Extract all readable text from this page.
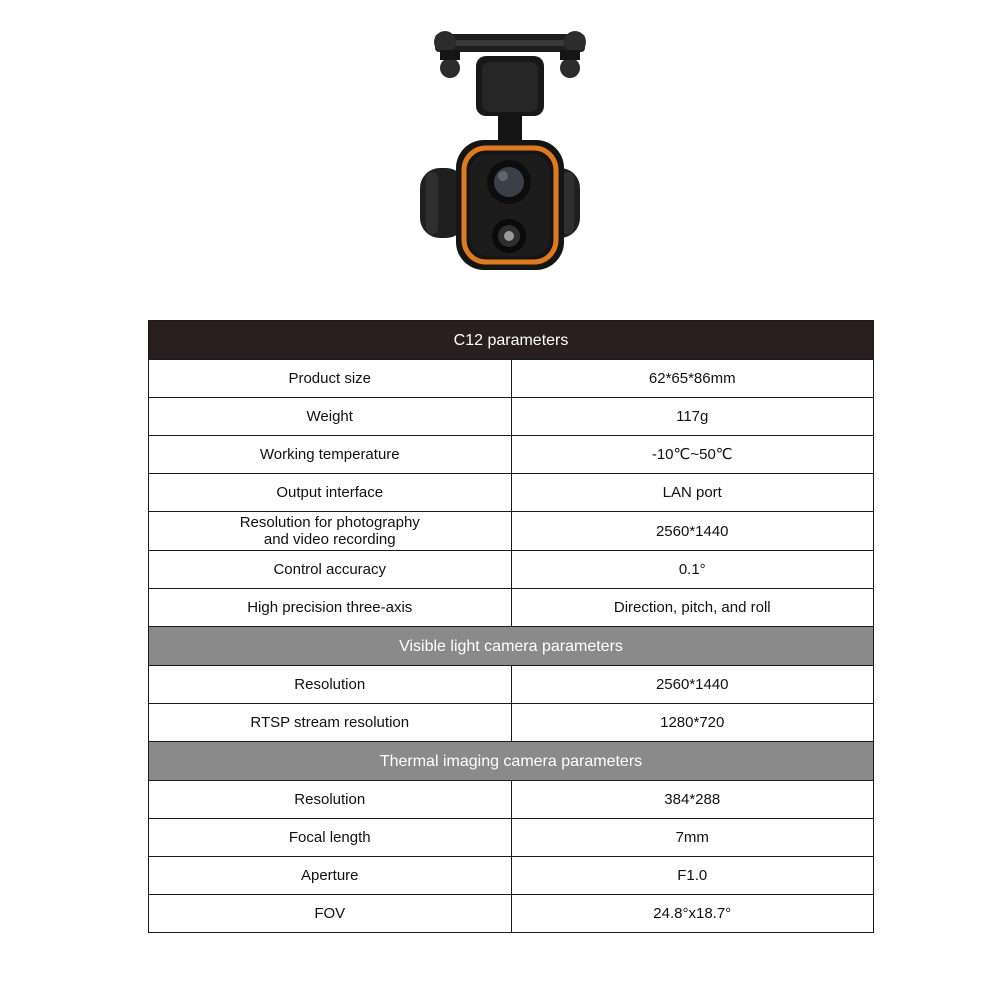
C12 parameters	
Product size	62*65*86mm
Weight	117g
Working temperature	-10℃~50℃
Output interface	LAN port
Resolution for photography
and video recording	2560*1440
Control accuracy	0.1°
High precision three-axis	Direction, pitch, and roll
Visible light camera parameters	
Resolution	2560*1440
RTSP stream resolution	1280*720
Thermal imaging camera parameters	
Resolution	384*288
Focal length	7mm
Aperture	F1.0
FOV	24.8°x18.7°
